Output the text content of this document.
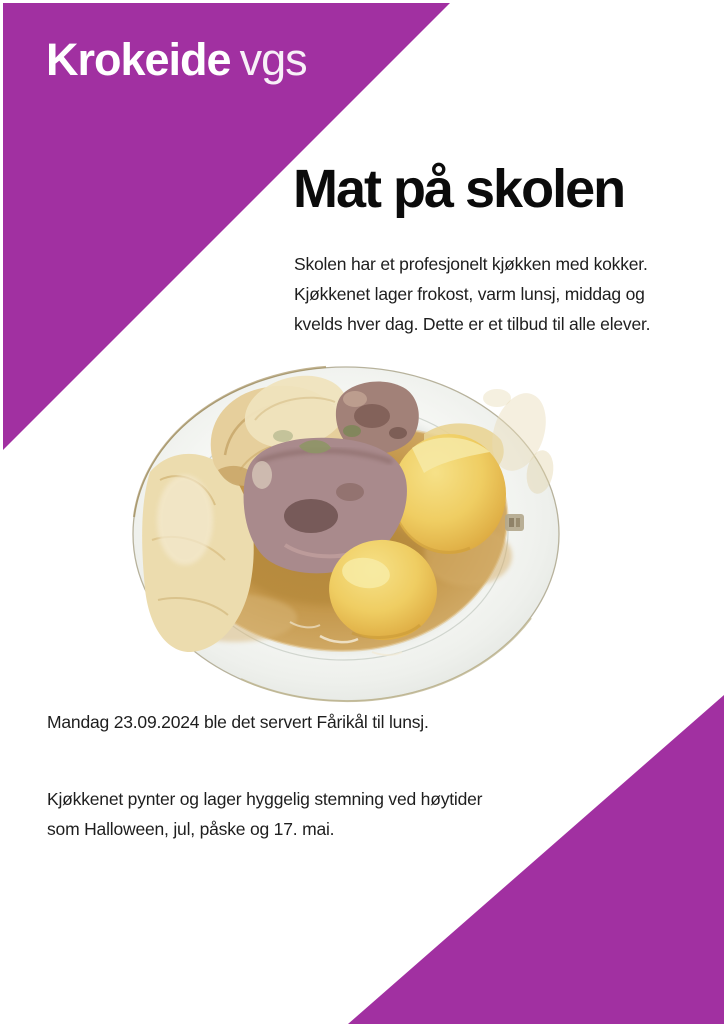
Krokeide vgs
Mat på skolen
Skolen har et profesjonelt kjøkken med kokker.
Kjøkkenet lager frokost, varm lunsj, middag og
kvelds hver dag. Dette er et tilbud til alle elever.
Mandag 23.09.2024 ble det servert Fårikål til lunsj.
Kjøkkenet pynter og lager hyggelig stemning ved høytider
som Halloween, jul, påske og 17. mai.
